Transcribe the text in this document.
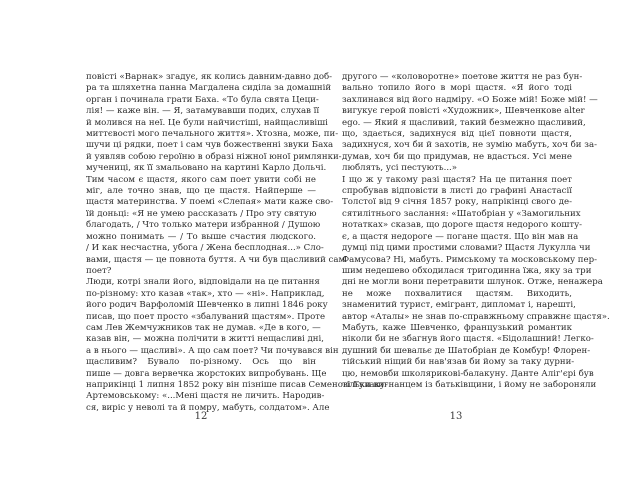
повісті «Варнак» згадує, як колись давним-давно доб-
ра та шляхетна панна Магдалена сиділа за домашній
орган і починала грати Баха. «То була свята Цеци-
лія! — каже він. — Я, затамувавши подих, слухав її
й молився на неї. Це були найчистіші, найщасливіші
миттєвості мого печального життя». Хтозна, може, пи-
шучи ці рядки, поет і сам чув божественні звуки Баха
й уявляв собою героїню в образі ніжної юної римлянки-
мучениці, як її змальовано на картині Карло Дольчі.
Тим часом є щастя, якого сам поет увити собі не
міг, але точно знав, що це щастя. Найперше —
щастя материнства. У поемі «Слепая» мати каже сво-
їй доньці: «Я не умею рассказать / Про эту святую
благодать, / Что только матери избранной / Душою
можно понимать — / То выше счастия людского.
/ И как несчастна, убога / Жена бесплодная...» Сло-
вами, щастя — це повнота буття. А чи був щасливий сам
поет?
Люди, котрі знали його, відповідали на це питання
по-різному: хто казав «так», хто — «ні». Наприклад,
його родич Варфоломій Шевченко в липні 1846 року
писав, що поет просто «збалуваний щастям». Проте
сам Лев Жемчужников так не думав. «Де в кого, —
казав він, — можна полічити в житті нещасливі дні,
а в нього — щасливі». А що сам поет? Чи почувався він
щасливим? Бувало по-різному. Ось що він
пише — довга вервечка жорстоких випробувань. Ще
наприкінці 1 липня 1852 року він пізніше писав Семенові Гулаку-
Артемовському: «...Мені щастя не личить. Народив-
ся, виріс у неволі та й помру, мабуть, солдатом». Але
другого — «коловоротне» поетове життя не раз бун-
вально топило його в морі щастя. «Я його тоді
захлинався від його надміру. «О Боже мій! Боже мій! —
вигукує герой повісті «Художник», Шевченкове alter
ego. — Який я щасливий, такий безмежно щасливий,
що, здається, задихнуся від цієї повноти щастя,
задихнуся, хоч би й захотів, не зумію мабуть, хоч би за-
думав, хоч би що придумав, не вдасться. Усі мене
люблять, усі пестують...»
І що ж у такому разі щастя? На це питання поет
спробував відповісти в листі до графині Анастасії
Толстої від 9 січня 1857 року, напрікінці свого де-
сятилітнього заслання: «Шатобріан у «Замогильних
нотатках» сказав, що дороге щастя недорого кошту-
є, а щастя недороге — погане щастя. Що він мав на
думці під цими простими словами? Щастя Лукулла чи
Фамусова? Ні, мабуть. Римському та московському пер-
шим недешево обходилася тригодинна їжа, яку за три
дні не могли вони перетравити шлунок. Отже, ненажера
не може похвалитися щастям. Виходить,
знаменитий турист, емігрант, дипломат і, нарешті,
автор «Аталы» не знав по-справжньому справжнє щастя».
Мабуть, каже Шевченко, французький романтик
ніколи би не збагнув його щастя. «Бідолашний! Легко-
душний би шевальє де Шатобріан де Комбур! Флорен-
тійський ніщий би нав'язав би йому за таку дурни-
цю, немовби школярикові-балакуну. Данте Аліг'єрі був
тільки вигнанцем із батьківщини, і йому не забороняли
12	13
